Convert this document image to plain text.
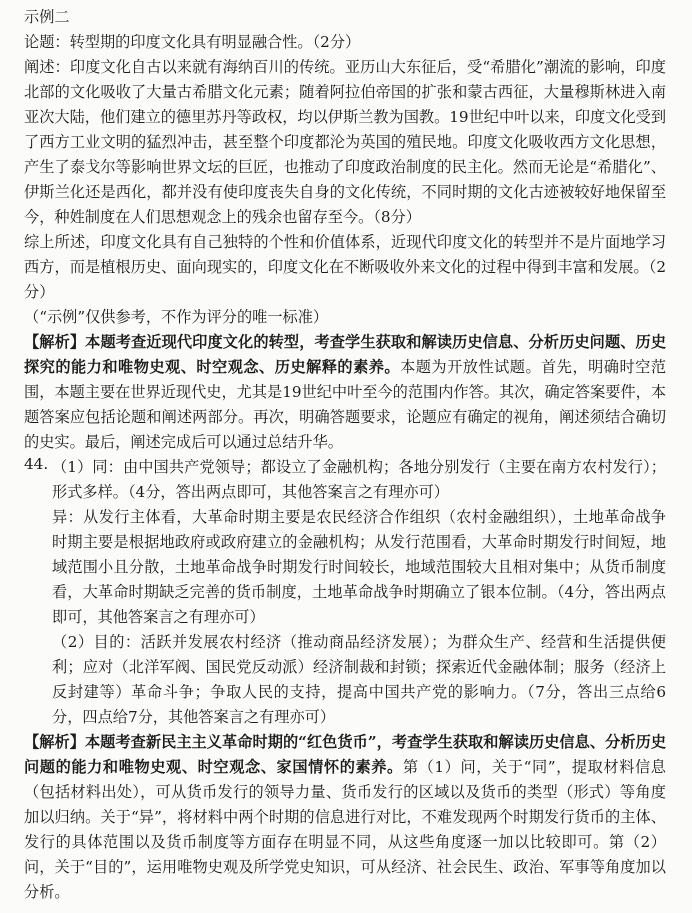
示例二

论题：转型期的印度文化具有明显融合性。（2分）

阐述：印度文化自古以来就有海纳百川的传统。亚历山大东征后，受“希腊化”潮流的影响，印度北部的文化吸收了大量古希腊文化元素；随着阿拉伯帝国的扩张和蒙古西征，大量穆斯林进入南亚次大陆，他们建立的德里苏丹等政权，均以伊斯兰教为国教。19世纪中叶以来，印度文化受到了西方工业文明的猛烈冲击，甚至整个印度都沦为英国的殖民地。印度文化吸收西方文化思想，产生了泰戈尔等影响世界文坛的巨匠，也推动了印度政治制度的民主化。然而无论是“希腊化”、伊斯兰化还是西化，都并没有使印度丧失自身的文化传统，不同时期的文化古迹被较好地保留至今，种姓制度在人们思想观念上的残余也留存至今。（8分）

综上所述，印度文化具有自己独特的个性和价值体系，近现代印度文化的转型并不是片面地学习西方，而是植根历史、面向现实的，印度文化在不断吸收外来文化的过程中得到丰富和发展。（2分）

（“示例”仅供参考，不作为评分的唯一标准）

【解析】本题考查近现代印度文化的转型，考查学生获取和解读历史信息、分析历史问题、历史探究的能力和唯物史观、时空观念、历史解释的素养。本题为开放性试题。首先，明确时空范围，本题主要在世界近现代史，尤其是19世纪中叶至今的范围内作答。其次，确定答案要件，本题答案应包括论题和阐述两部分。再次，明确答题要求，论题应有确定的视角，阐述须结合确切的史实。最后，阐述完成后可以通过总结升华。

44. （1）同：由中国共产党领导；都设立了金融机构；各地分别发行（主要在南方农村发行）；形式多样。（4分，答出两点即可，其他答案言之有理亦可）

异：从发行主体看，大革命时期主要是农民经济合作组织（农村金融组织），土地革命战争时期主要是根据地政府或政府建立的金融机构；从发行范围看，大革命时期发行时间短，地域范围小且分散，土地革命战争时期发行时间较长，地域范围较大且相对集中；从货币制度看，大革命时期缺乏完善的货币制度，土地革命战争时期确立了银本位制。（4分，答出两点即可，其他答案言之有理亦可）

（2）目的：活跃并发展农村经济（推动商品经济发展）；为群众生产、经营和生活提供便利；应对（北洋军阀、国民党反动派）经济制裁和封锁；探索近代金融体制；服务（经济上反封建等）革命斗争；争取人民的支持，提高中国共产党的影响力。（7分，答出三点给6分，四点给7分，其他答案言之有理亦可）

【解析】本题考查新民主主义革命时期的“红色货币”，考查学生获取和解读历史信息、分析历史问题的能力和唯物史观、时空观念、家国情怀的素养。第（1）问，关于“同”，提取材料信息（包括材料出处），可从货币发行的领导力量、货币发行的区域以及货币的类型（形式）等角度加以归纳。关于“异”，将材料中两个时期的信息进行对比，不难发现两个时期发行货币的主体、发行的具体范围以及货币制度等方面存在明显不同，从这些角度逐一加以比较即可。第（2）问，关于“目的”，运用唯物史观及所学党史知识，可从经济、社会民生、政治、军事等角度加以分析。
